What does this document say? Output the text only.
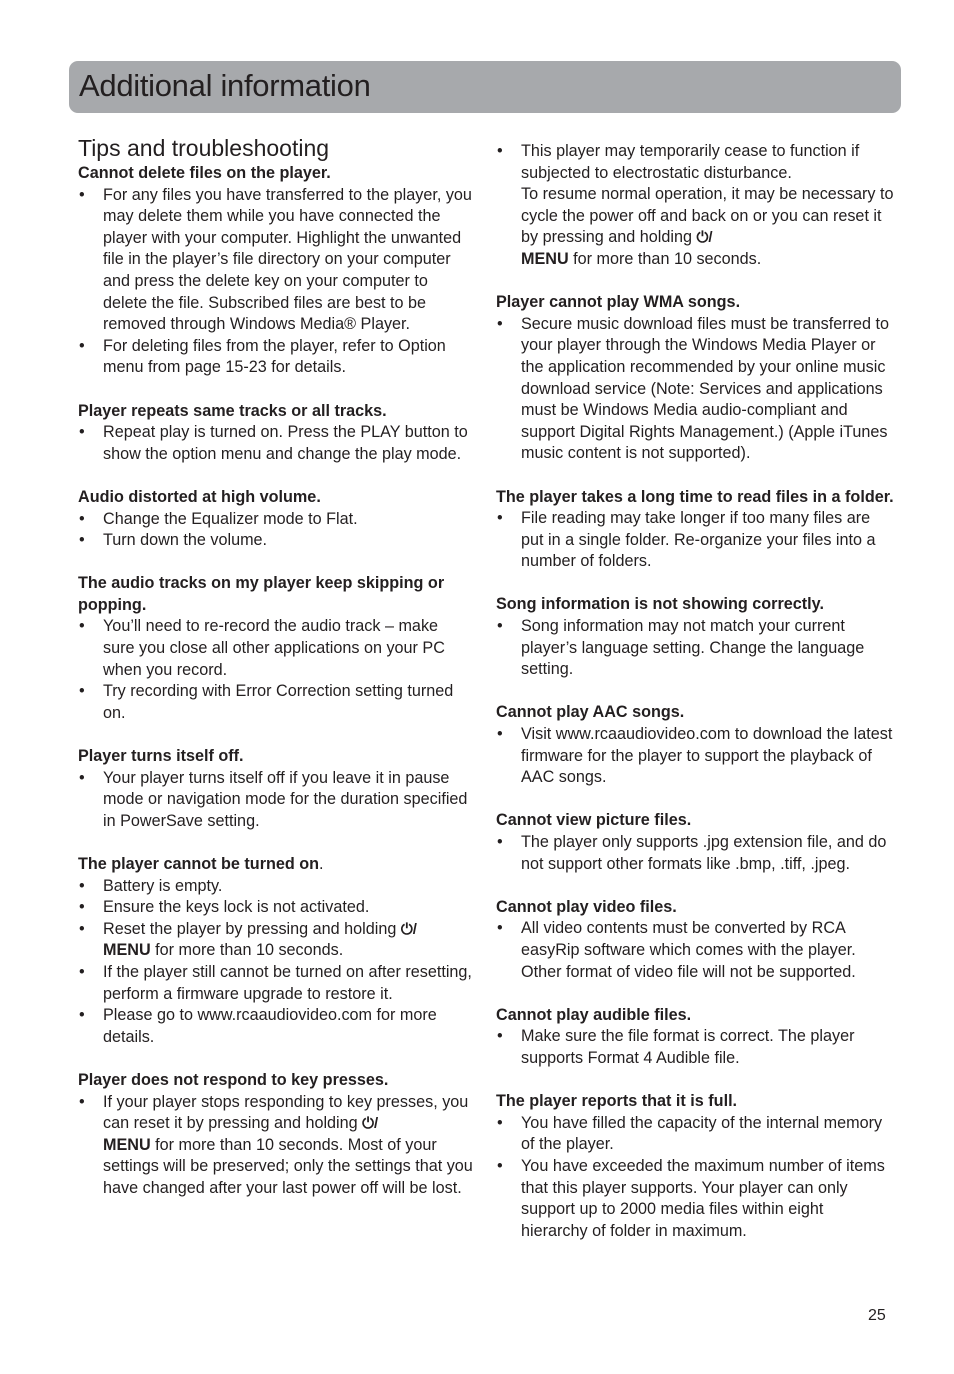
Additional information
Tips and troubleshooting

Cannot delete files on the player.

• For any files you have transferred to the player, you may delete them while you have connected the player with your computer. Highlight the unwanted file in the player’s file directory on your computer and press the delete key on your computer to delete the file. Subscribed files are best to be removed through Windows Media® Player.
• For deleting files from the player, refer to Option menu from page 15-23 for details.

Player repeats same tracks or all tracks.

• Repeat play is turned on. Press the PLAY button to show the option menu and change the play mode.

Audio distorted at high volume.

• Change the Equalizer mode to Flat.
• Turn down the volume.

The audio tracks on my player keep skipping or popping.

• You’ll need to re-record the audio track – make sure you close all other applications on your PC when you record.
• Try recording with Error Correction setting turned on.

Player turns itself off.

• Your player turns itself off if you leave it in pause mode or navigation mode for the duration specified in PowerSave setting.

The player cannot be turned on.

• Battery is empty.
• Ensure the keys lock is not activated.
• Reset the player by pressing and holding ⏻/
MENU for more than 10 seconds.
• If the player still cannot be turned on after resetting, perform a firmware upgrade to restore it.
• Please go to www.rcaaudiovideo.com for more details.

Player does not respond to key presses.

• If your player stops responding to key presses, you can reset it by pressing and holding ⏻/
MENU for more than 10 seconds. Most of your settings will be preserved; only the settings that you have changed after your last power off will be lost.
• This player may temporarily cease to function if subjected to electrostatic disturbance.
To resume normal operation, it may be necessary to cycle the power off and back on or you can reset it by pressing and holding ⏻/
MENU for more than 10 seconds.

Player cannot play WMA songs.

• Secure music download files must be transferred to your player through the Windows Media Player or the application recommended by your online music download service (Note: Services and applications must be Windows Media audio-compliant and support Digital Rights Management.) (Apple iTunes music content is not supported).

The player takes a long time to read files in a folder.

• File reading may take longer if too many files are put in a single folder. Re-organize your files into a number of folders.

Song information is not showing correctly.

• Song information may not match your current player’s language setting. Change the language setting.

Cannot play AAC songs.

• Visit www.rcaaudiovideo.com to download the latest firmware for the player to support the playback of AAC songs.

Cannot view picture files.

• The player only supports .jpg extension file, and do not support other formats like .bmp, .tiff, .jpeg.

Cannot play video files.

• All video contents must be converted by RCA easyRip software which comes with the player. Other format of video file will not be supported.

Cannot play audible files.

• Make sure the file format is correct. The player supports Format 4 Audible file.

The player reports that it is full.

• You have filled the capacity of the internal memory of the player.
• You have exceeded the maximum number of items that this player supports. Your player can only support up to 2000 media files within eight hierarchy of folder in maximum.
25
